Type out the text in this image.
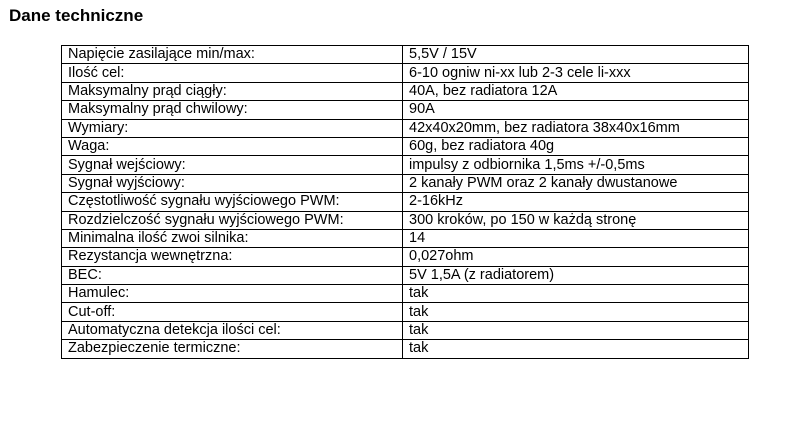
Dane techniczne
Napięcie zasilające min/max:	5,5V / 15V
Ilość cel:	6-10 ogniw ni-xx lub 2-3 cele li-xxx
Maksymalny prąd ciągły:	40A, bez radiatora 12A
Maksymalny prąd chwilowy:	90A
Wymiary:	42x40x20mm, bez radiatora 38x40x16mm
Waga:	60g, bez radiatora 40g
Sygnał wejściowy:	impulsy z odbiornika 1,5ms +/-0,5ms
Sygnał wyjściowy:	2 kanały PWM oraz 2 kanały dwustanowe
Częstotliwość sygnału wyjściowego PWM:	2-16kHz
Rozdzielczość sygnału wyjściowego PWM:	300 kroków, po 150 w każdą stronę
Minimalna ilość zwoi silnika:	14
Rezystancja wewnętrzna:	0,027ohm
BEC:	5V 1,5A (z radiatorem)
Hamulec:	tak
Cut-off:	tak
Automatyczna detekcja ilości cel:	tak
Zabezpieczenie termiczne:	tak
